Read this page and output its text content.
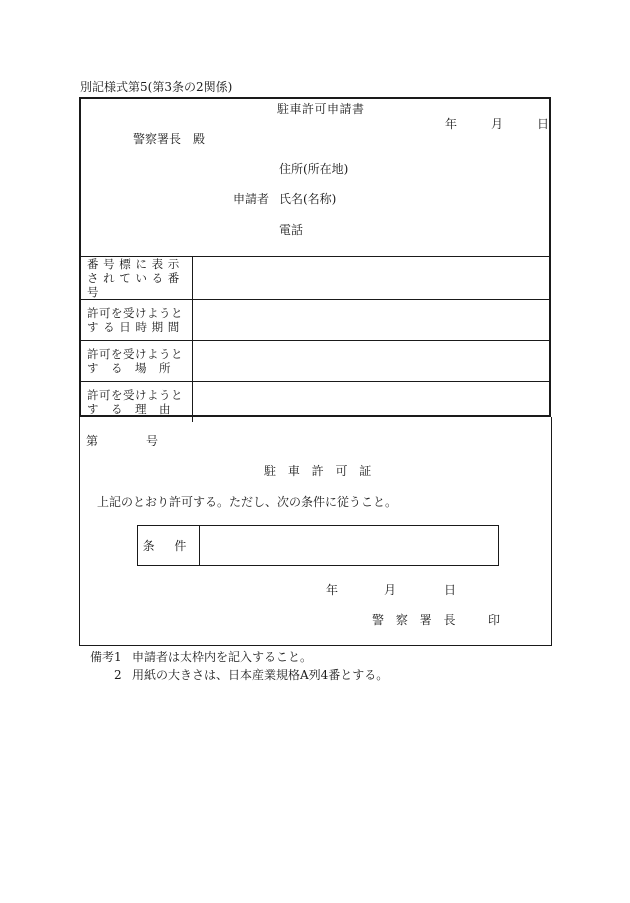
別記様式第5(第3条の2関係)
駐車許可申請書
年	月	日
警察署長　殿
住所(所在地)
申請者 氏名(名称)
電話
番 号 標 に 表 示
さ れ て い る 番 号	

許可を受けようと
す る 日 時 期 間	

許可を受けようと
す　る　場　所	

許可を受けようと
す　る　理　由	

第	号
駐 車 許 可 証
上記のとおり許可する。ただし、次の条件に従うこと。
条 件
年	月	日
警 察 署 長 印
備考1 申請者は太枠内を記入すること。
2 用紙の大きさは、日本産業規格A列4番とする。
